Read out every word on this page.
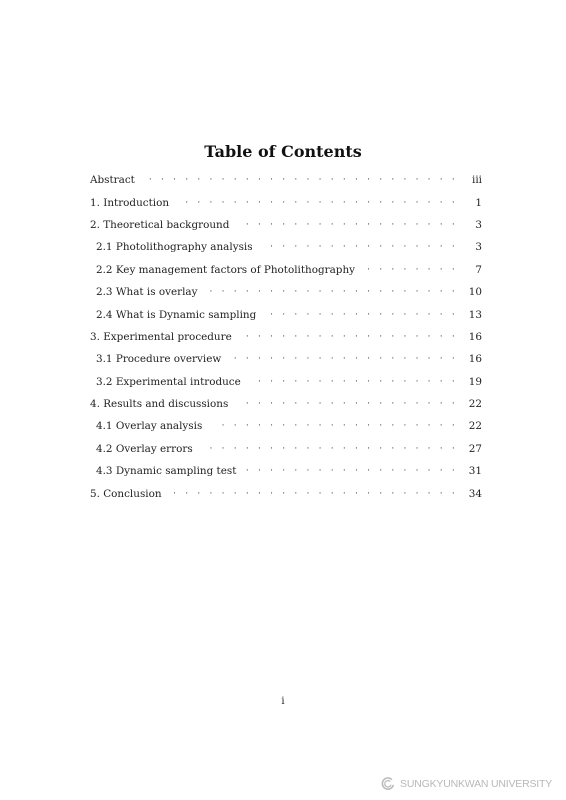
Table of Contents
Abstract · · ·	iii
1. Introduction · · ·	1
2. Theoretical background · · ·	3
2.1 Photolithography analysis · · ·	3
2.2 Key management factors of Photolithography · · ·	7
2.3 What is overlay · · ·	10
2.4 What is Dynamic sampling · · ·	13
3. Experimental procedure · · ·	16
3.1 Procedure overview · · ·	16
3.2 Experimental introduce · · ·	19
4. Results and discussions · · ·	22
4.1 Overlay analysis · · ·	22
4.2 Overlay errors · · ·	27
4.3 Dynamic sampling test · · ·	31
5. Conclusion · · ·	34
i
SUNGKYUNKWAN UNIVERSITY
